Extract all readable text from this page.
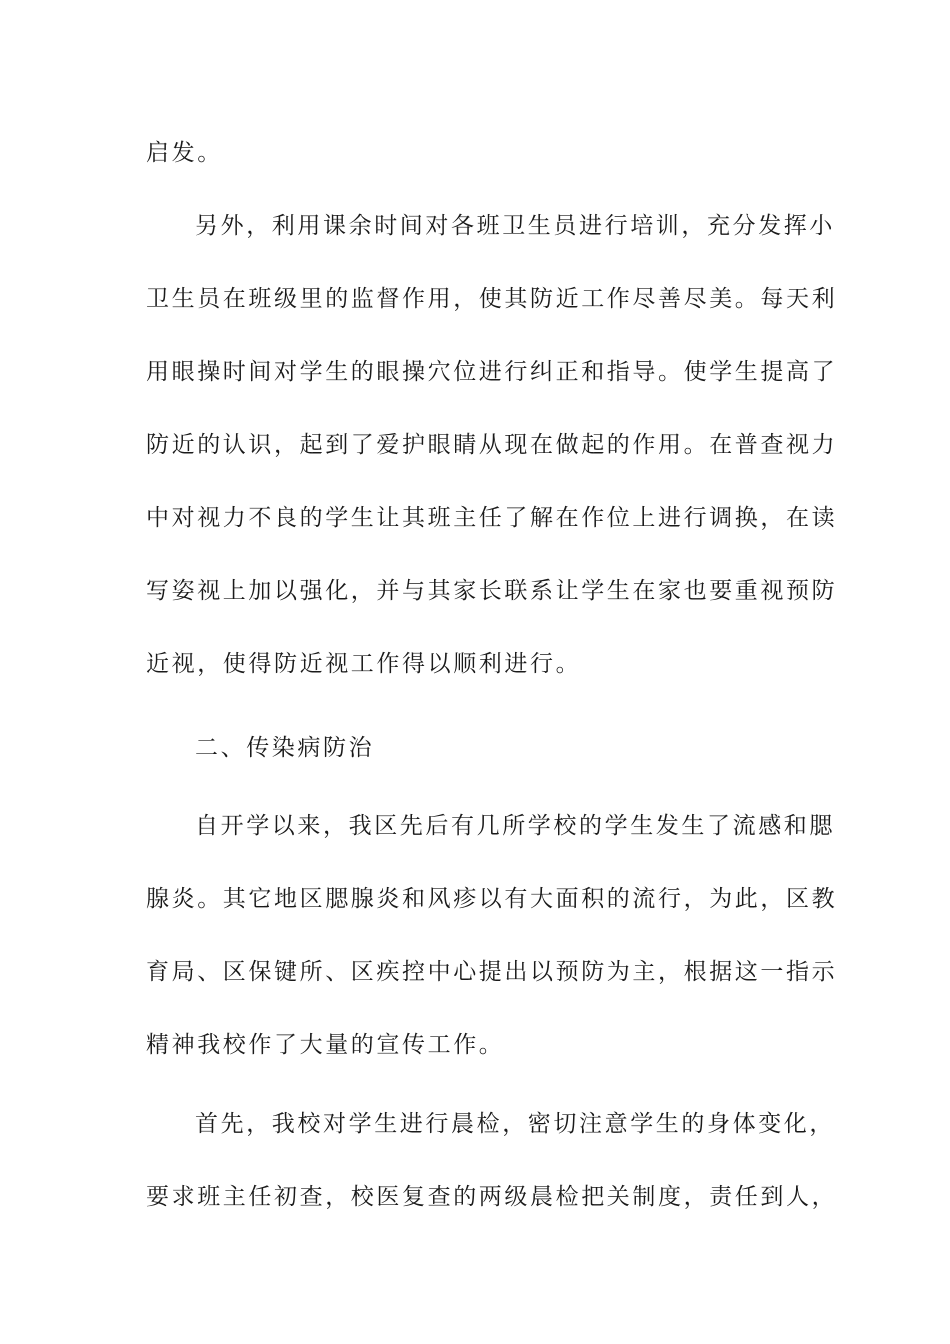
启发。
另外，利用课余时间对各班卫生员进行培训，充分发挥小
卫生员在班级里的监督作用，使其防近工作尽善尽美。每天利
用眼操时间对学生的眼操穴位进行纠正和指导。使学生提高了
防近的认识，起到了爱护眼睛从现在做起的作用。在普查视力
中对视力不良的学生让其班主任了解在作位上进行调换，在读
写姿视上加以强化，并与其家长联系让学生在家也要重视预防
近视，使得防近视工作得以顺利进行。
二、传染病防治
自开学以来，我区先后有几所学校的学生发生了流感和腮
腺炎。其它地区腮腺炎和风疹以有大面积的流行，为此，区教
育局、区保键所、区疾控中心提出以预防为主，根据这一指示
精神我校作了大量的宣传工作。
首先，我校对学生进行晨检，密切注意学生的身体变化，
要求班主任初查，校医复查的两级晨检把关制度，责任到人，
